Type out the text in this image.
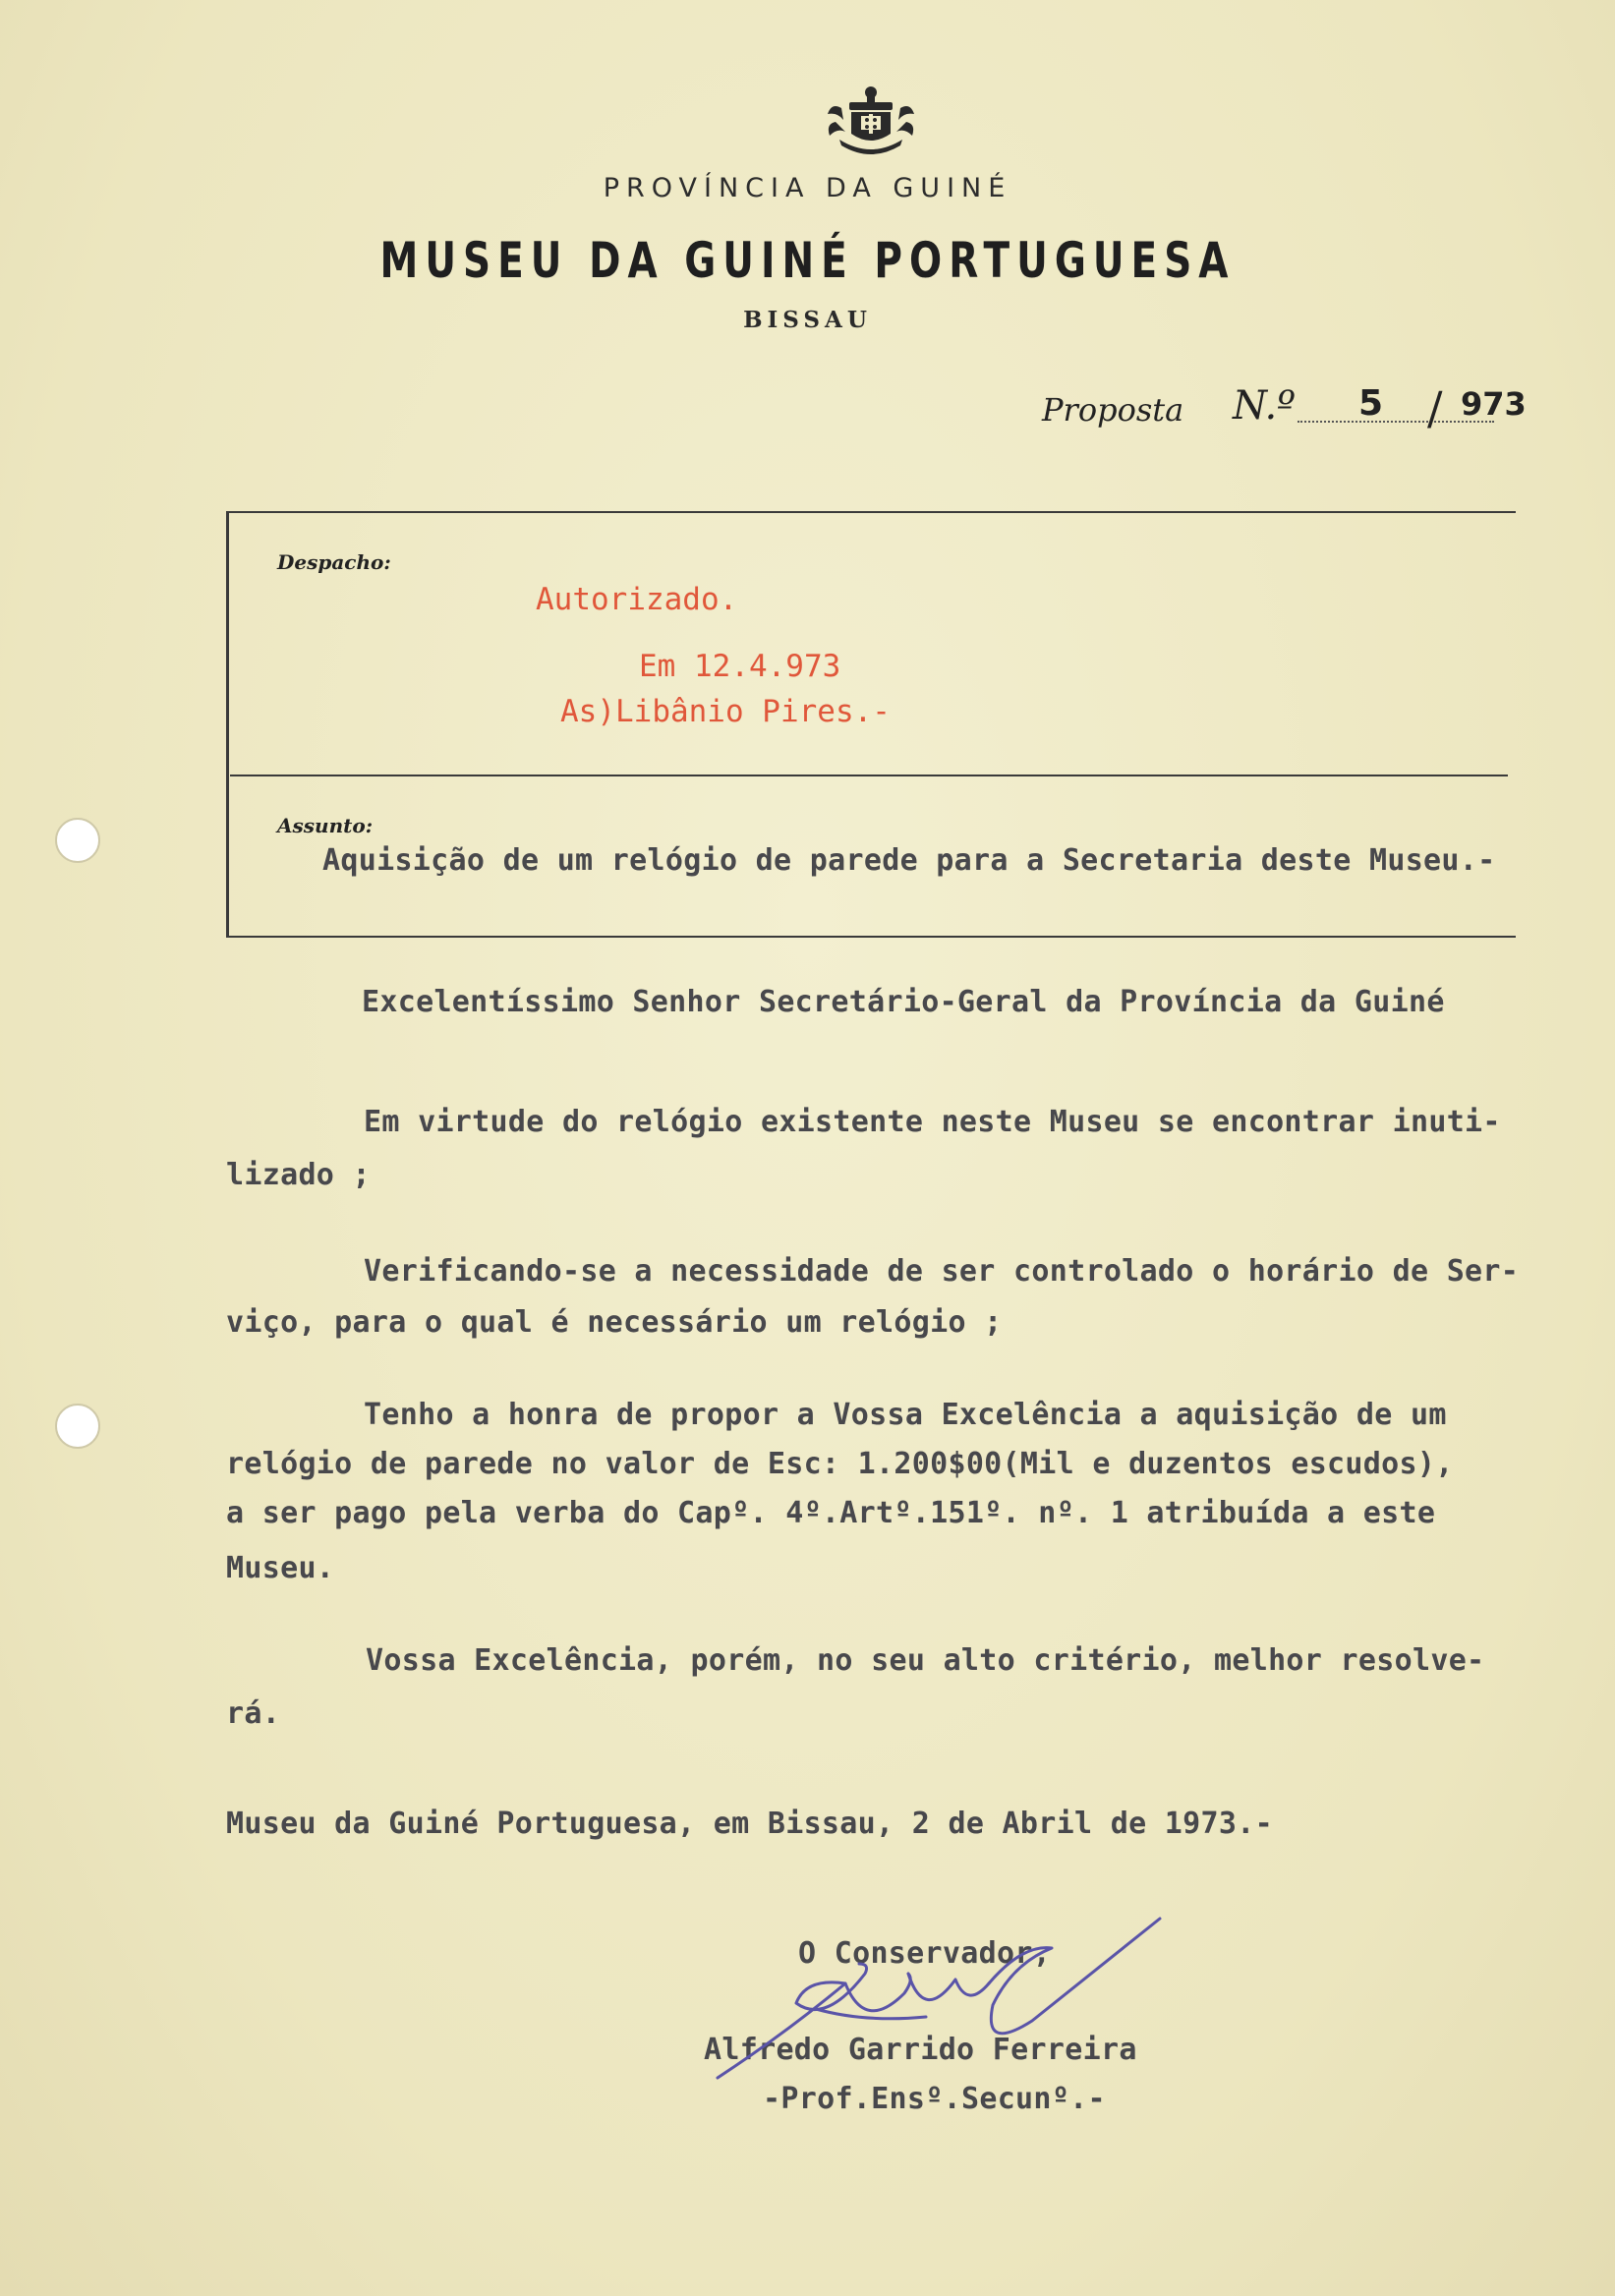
PROVÍNCIA DA GUINÉ
MUSEU DA GUINÉ PORTUGUESA
BISSAU
Proposta N.º 5 / 973
Despacho:
Autorizado.
Em 12.4.973
As)Libânio Pires.-
Assunto:
Aquisição de um relógio de parede para a Secretaria deste Museu.-
Excelentíssimo Senhor Secretário-Geral da Província da Guiné
Em virtude do relógio existente neste Museu se encontrar inuti-
lizado ;
Verificando-se a necessidade de ser controlado o horário de Ser-
viço, para o qual é necessário um relógio ;
Tenho a honra de propor a Vossa Excelência a aquisição de um
relógio de parede no valor de Esc: 1.200$00(Mil e duzentos escudos),
a ser pago pela verba do Capº. 4º.Artº.151º. nº. 1 atribuída a este
Museu.
Vossa Excelência, porém, no seu alto critério, melhor resolve-
rá.
Museu da Guiné Portuguesa, em Bissau, 2 de Abril de 1973.-
O Conservador,
Alfredo Garrido Ferreira
-Prof.Ensº.Secunº.-
